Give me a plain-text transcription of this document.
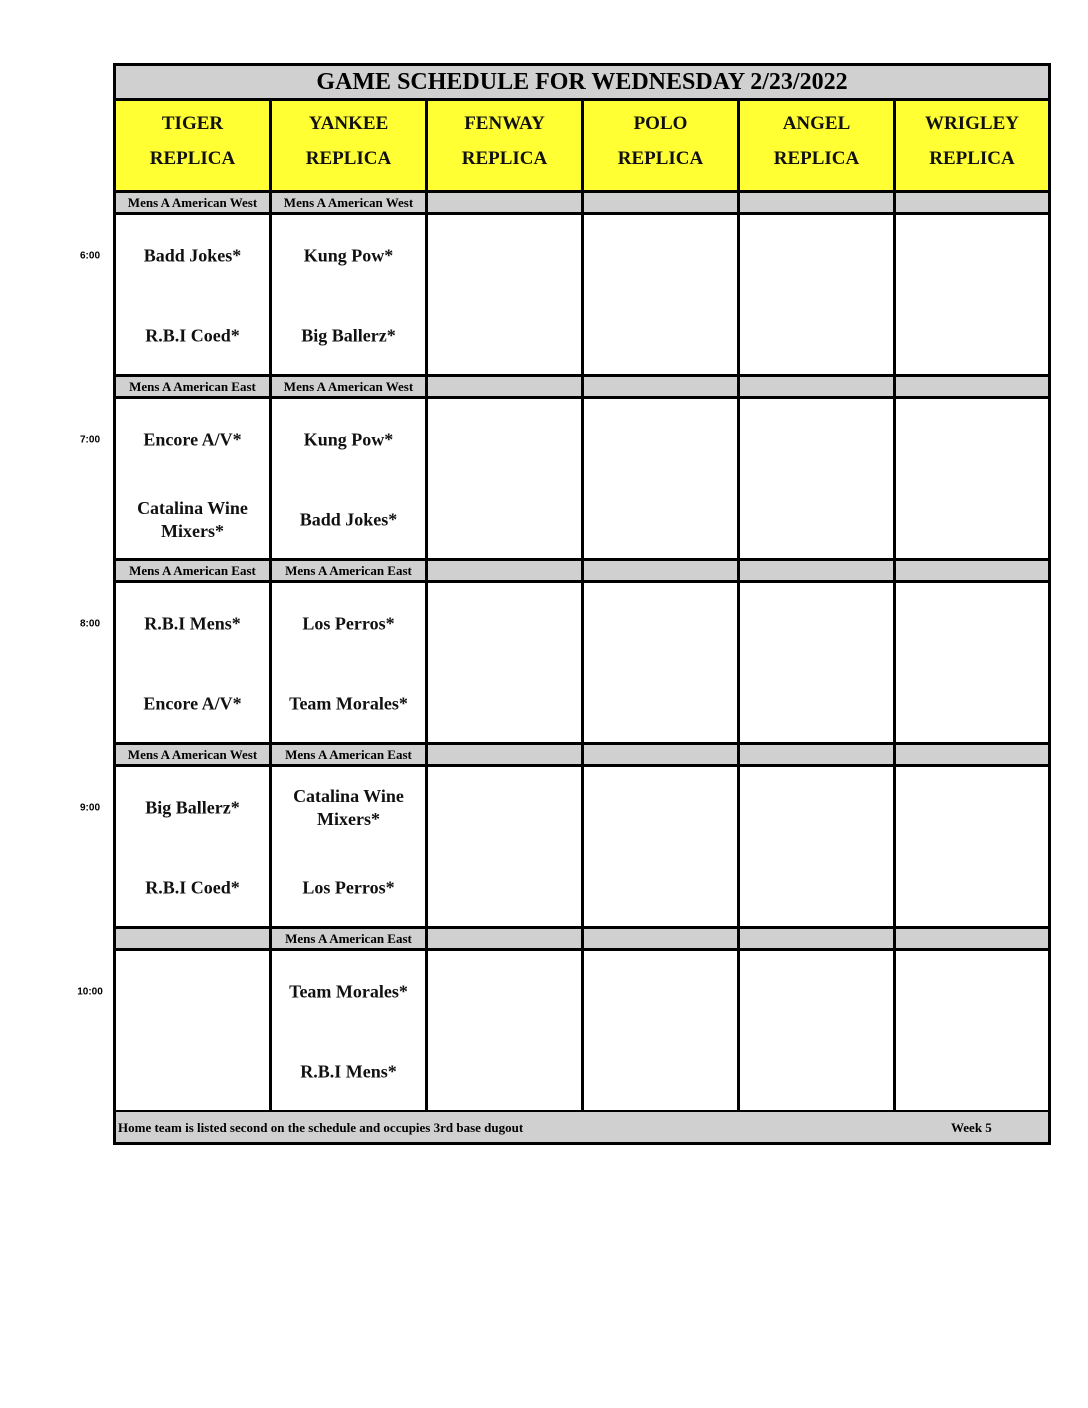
GAME SCHEDULE FOR WEDNESDAY 2/23/2022
TIGER
REPLICA
YANKEE
REPLICA
FENWAY
REPLICA
POLO
REPLICA
ANGEL
REPLICA
WRIGLEY
REPLICA
Mens A American West
Badd Jokes*
R.B.I Coed*
Mens A American West
Kung Pow*
Big Ballerz*
Mens A American East
Encore A/V*
Catalina Wine Mixers*
Mens A American West
Kung Pow*
Badd Jokes*
Mens A American East
R.B.I Mens*
Encore A/V*
Mens A American East
Los Perros*
Team Morales*
Mens A American West
Big Ballerz*
R.B.I Coed*
Mens A American East
Catalina Wine Mixers*
Los Perros*
Mens A American East
Team Morales*
R.B.I Mens*
Home team is listed second on the schedule and occupies 3rd base dugout	Week 5
6:00
7:00
8:00
9:00
10:00
